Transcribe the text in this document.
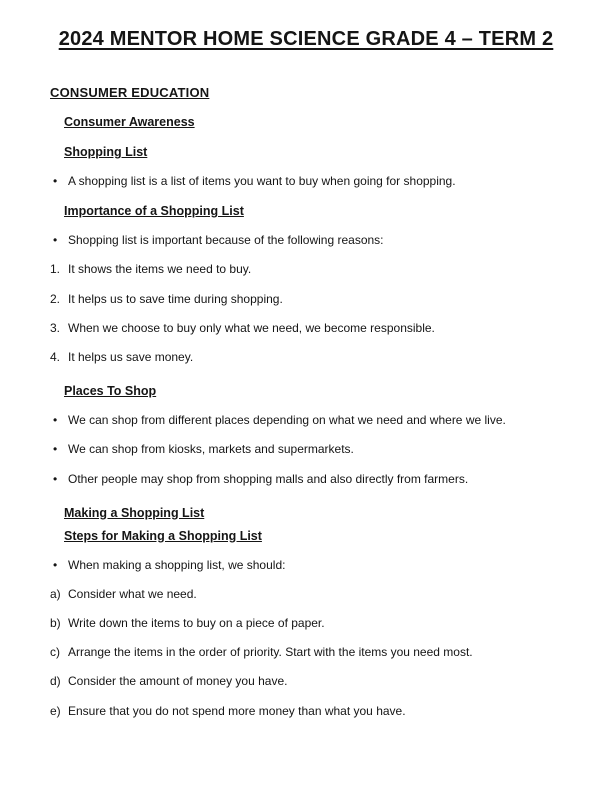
2024 MENTOR HOME SCIENCE GRADE 4 – TERM 2
CONSUMER EDUCATION
Consumer Awareness
Shopping List
• A shopping list is a list of items you want to buy when going for shopping.
Importance of a Shopping List
• Shopping list is important because of the following reasons:
1. It shows the items we need to buy.
2. It helps us to save time during shopping.
3. When we choose to buy only what we need, we become responsible.
4. It helps us save money.
Places To Shop
• We can shop from different places depending on what we need and where we live.
• We can shop from kiosks, markets and supermarkets.
• Other people may shop from shopping malls and also directly from farmers.
Making a Shopping List
Steps for Making a Shopping List
• When making a shopping list, we should:
a) Consider what we need.
b) Write down the items to buy on a piece of paper.
c) Arrange the items in the order of priority. Start with the items you need most.
d) Consider the amount of money you have.
e) Ensure that you do not spend more money than what you have.
